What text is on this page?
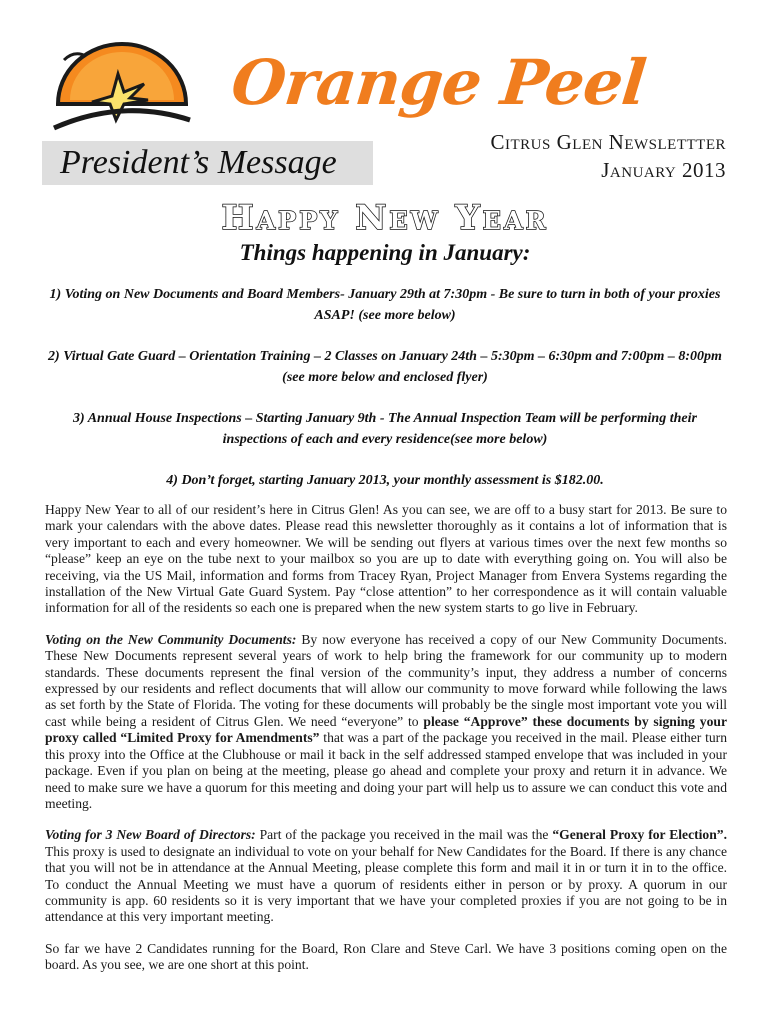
Orange Peel
Citrus Glen Newslettter
January 2013
President’s Message
Happy New Year
Things happening in January:
1) Voting on New Documents and Board Members- January 29th at 7:30pm - Be sure to turn in both of your proxies ASAP! (see more below)
2) Virtual Gate Guard – Orientation Training – 2 Classes on January 24th – 5:30pm – 6:30pm and 7:00pm – 8:00pm (see more below and enclosed flyer)
3) Annual House Inspections – Starting January 9th - The Annual Inspection Team will be performing their inspections of each and every residence(see more below)
4) Don’t forget, starting January 2013, your monthly assessment is $182.00.

Happy New Year to all of our resident’s here in Citrus Glen! As you can see, we are off to a busy start for 2013. Be sure to mark your calendars with the above dates. Please read this newsletter thoroughly as it contains a lot of information that is very important to each and every homeowner. We will be sending out flyers at various times over the next few months so “please” keep an eye on the tube next to your mailbox so you are up to date with everything going on. You will also be receiving, via the US Mail, information and forms from Tracey Ryan, Project Manager from Envera Systems regarding the installation of the New Virtual Gate Guard System. Pay “close attention” to her correspondence as it will contain valuable information for all of the residents so each one is prepared when the new system starts to go live in February.

Voting on the New Community Documents: By now everyone has received a copy of our New Community Documents. These New Documents represent several years of work to help bring the framework for our community up to modern standards. These documents represent the final version of the community’s input, they address a number of concerns expressed by our residents and reflect documents that will allow our community to move forward while following the laws as set forth by the State of Florida. The voting for these documents will probably be the single most important vote you will cast while being a resident of Citrus Glen. We need “everyone” to please “Approve” these documents by signing your proxy called “Limited Proxy for Amendments” that was a part of the package you received in the mail. Please either turn this proxy into the Office at the Clubhouse or mail it back in the self addressed stamped envelope that was included in your package. Even if you plan on being at the meeting, please go ahead and complete your proxy and return it in advance. We need to make sure we have a quorum for this meeting and doing your part will help us to assure we can conduct this vote and meeting.

Voting for 3 New Board of Directors: Part of the package you received in the mail was the “General Proxy for Election”. This proxy is used to designate an individual to vote on your behalf for New Candidates for the Board. If there is any chance that you will not be in attendance at the Annual Meeting, please complete this form and mail it in or turn it in to the office. To conduct the Annual Meeting we must have a quorum of residents either in person or by proxy. A quorum in our community is app. 60 residents so it is very important that we have your completed proxies if you are not going to be in attendance at this very important meeting.

So far we have 2 Candidates running for the Board, Ron Clare and Steve Carl. We have 3 positions coming open on the board. As you see, we are one short at this point.
